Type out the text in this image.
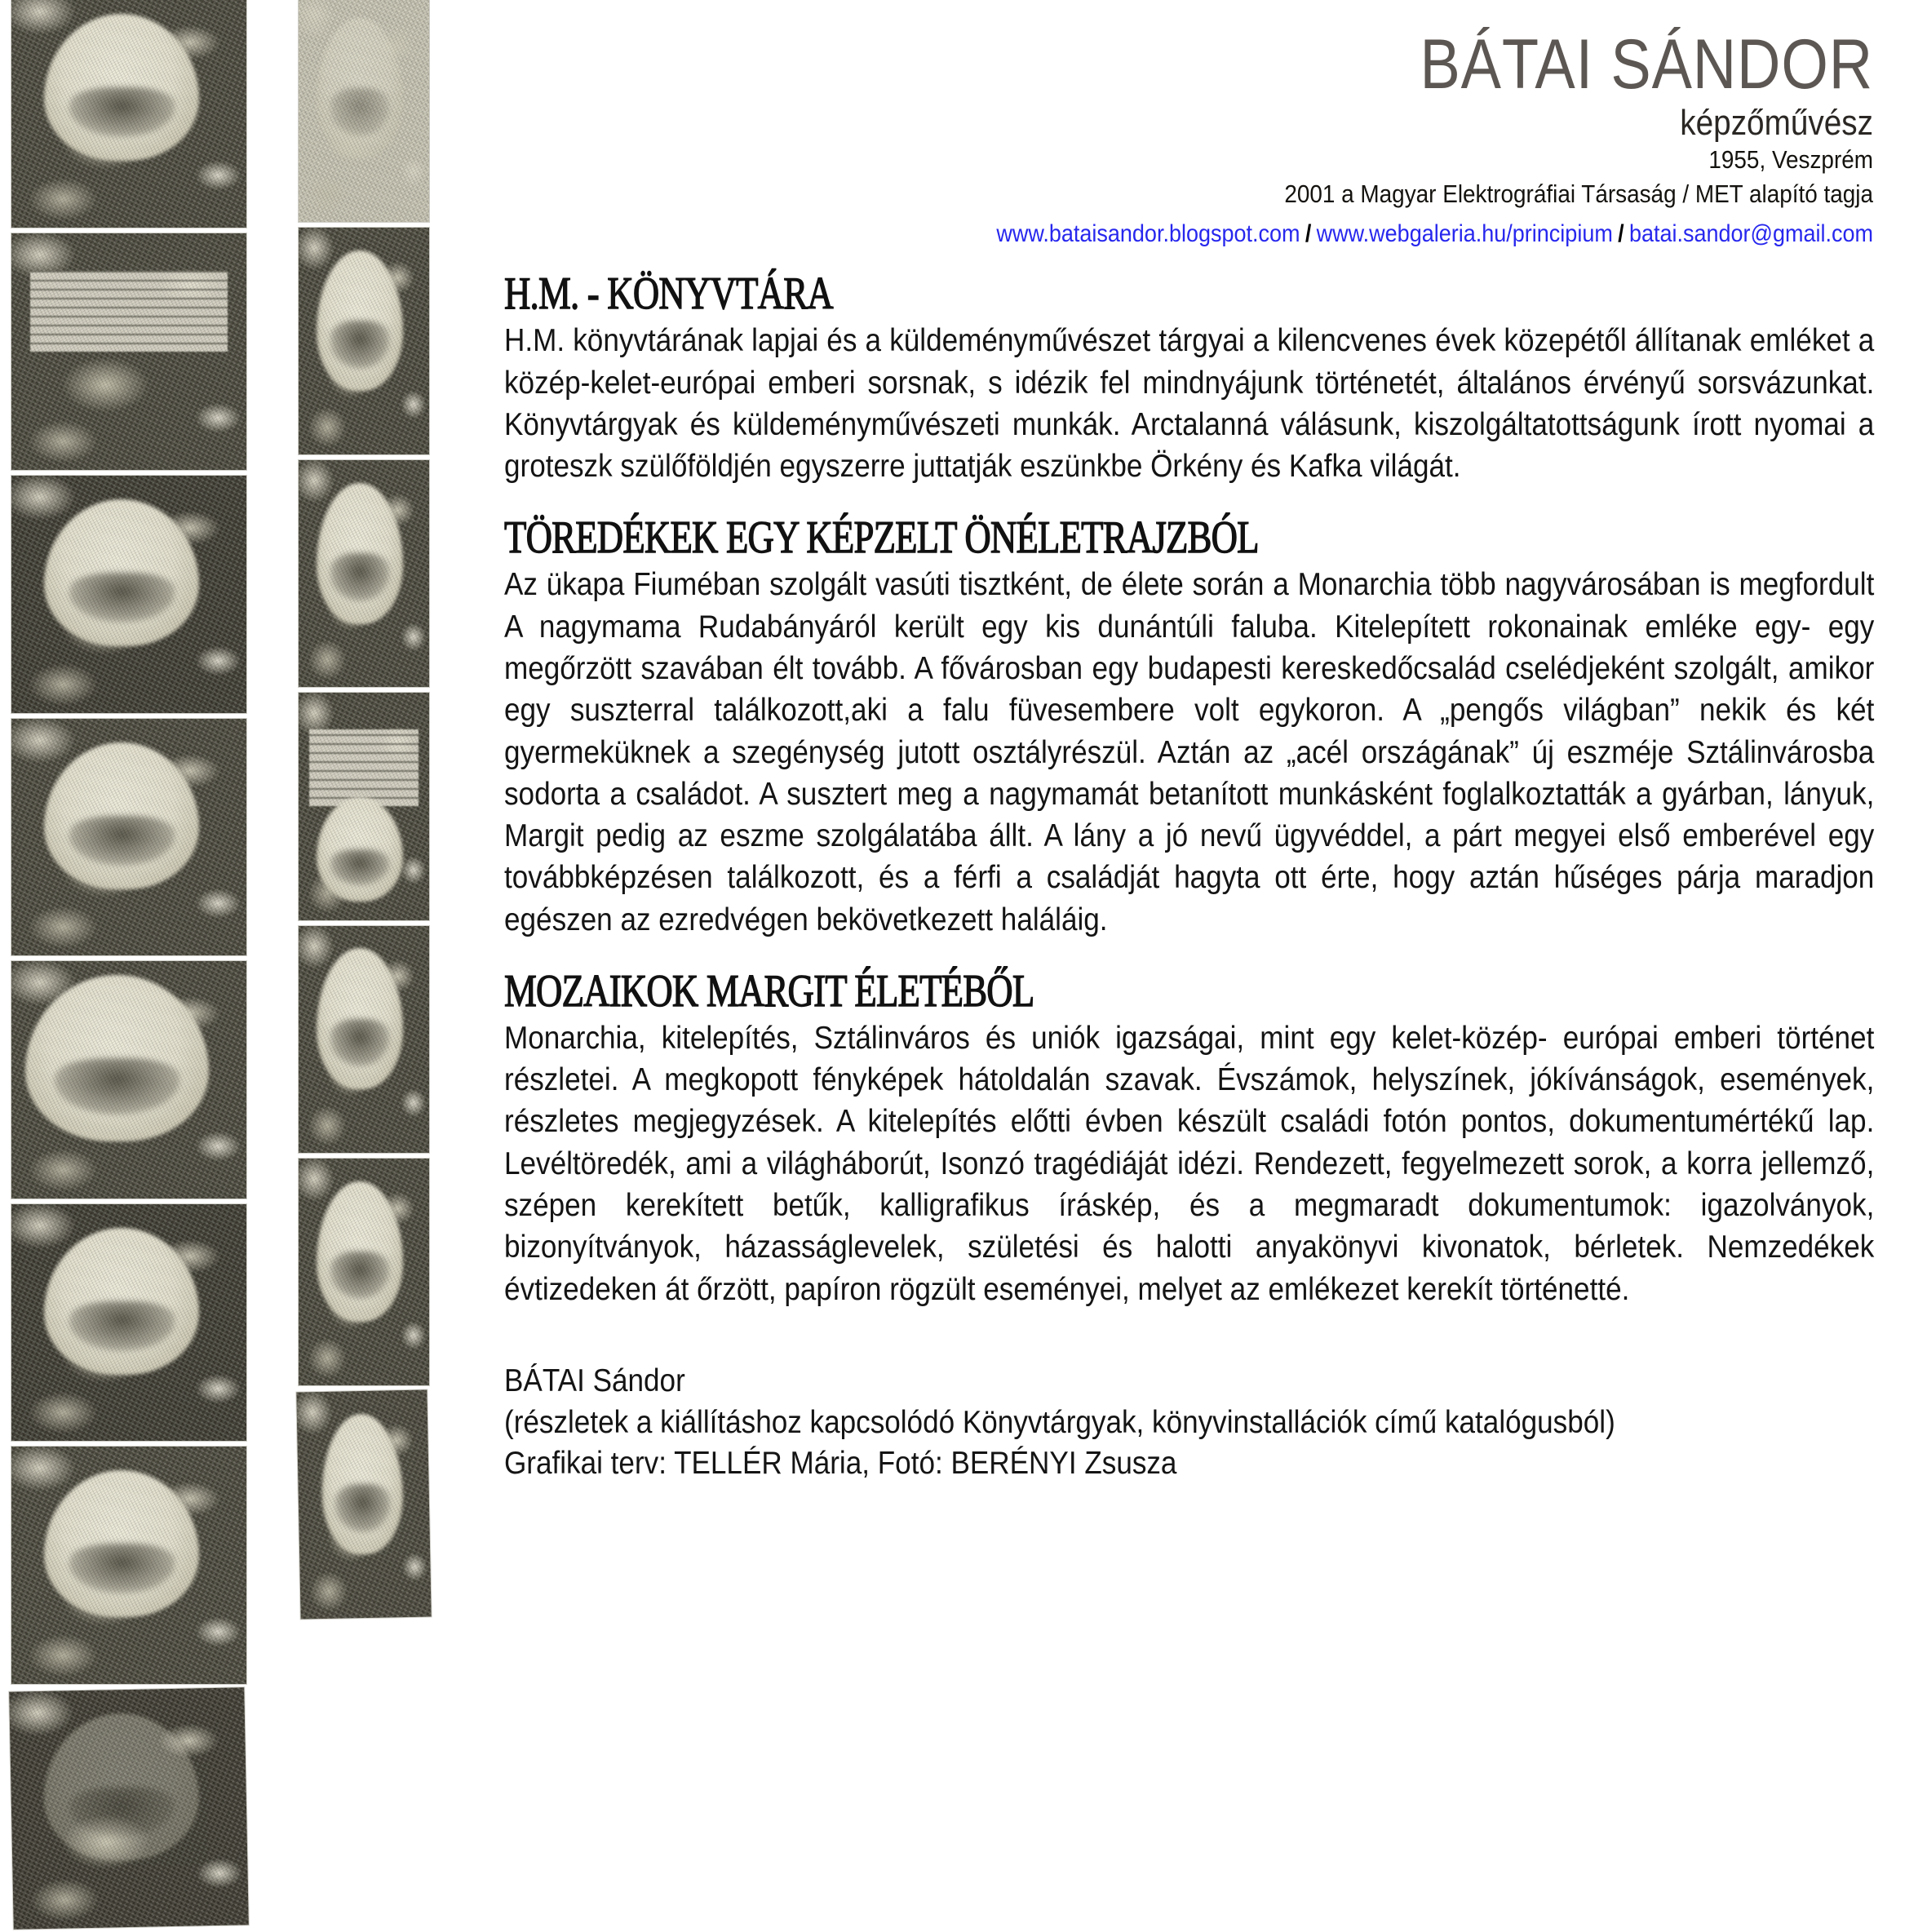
BÁTAI SÁNDOR
képzőművész
1955, Veszprém
2001 a Magyar Elektrográfiai Társaság / MET alapító tagja
www.bataisandor.blogspot.com / www.webgaleria.hu/principium / batai.sandor@gmail.com
H.M. - KÖNYVTÁRA
H.M. könyvtárának lapjai és a küldeményművészet tárgyai a kilencvenes évek közepétől állítanak emléket a közép-kelet-európai emberi sorsnak, s idézik fel mindnyájunk történetét, általános érvényű sorsvázunkat. Könyvtárgyak és küldeményművészeti munkák. Arctalanná válásunk, kiszolgáltatottságunk írott nyomai a groteszk szülőföldjén egyszerre juttatják eszünkbe Örkény és Kafka világát.
TÖREDÉKEK EGY KÉPZELT ÖNÉLETRAJZBÓL
Az ükapa Fiuméban szolgált vasúti tisztként, de élete során a Monarchia több nagyvárosában is megfordult A nagymama Rudabányáról került egy kis dunántúli faluba. Kitelepített rokonainak emléke egy- egy megőrzött szavában élt tovább. A fővárosban egy budapesti kereskedőcsalád cselédjeként szolgált, amikor egy suszterral találkozott,aki a falu füvesembere volt egykoron. A „pengős világban” nekik és két gyermeküknek a szegénység jutott osztályrészül. Aztán az „acél országának” új eszméje Sztálinvárosba sodorta a családot. A susztert meg a nagymamát betanított munkásként foglalkoztatták a gyárban, lányuk, Margit pedig az eszme szolgálatába állt. A lány a jó nevű ügyvéddel, a párt megyei első emberével egy továbbképzésen találkozott, és a férfi a családját hagyta ott érte, hogy aztán hűséges párja maradjon egészen az ezredvégen bekövetkezett haláláig.
MOZAIKOK MARGIT ÉLETÉBŐL
Monarchia, kitelepítés, Sztálinváros és uniók igazságai, mint egy kelet-közép- európai emberi történet részletei. A megkopott fényképek hátoldalán szavak. Évszámok, helyszínek, jókívánságok, események, részletes megjegyzések. A kitelepítés előtti évben készült családi fotón pontos, dokumentumértékű lap. Levéltöredék, ami a világháborút, Isonzó tragédiáját idézi. Rendezett, fegyelmezett sorok, a korra jellemző, szépen kerekített betűk, kalligrafikus íráskép, és a megmaradt dokumentumok: igazolványok, bizonyítványok, házasságlevelek, születési és halotti anyakönyvi kivonatok, bérletek. Nemzedékek évtizedeken át őrzött, papíron rögzült eseményei, melyet az emlékezet kerekít történetté.
BÁTAI Sándor
(részletek a kiállításhoz kapcsolódó Könyvtárgyak, könyvinstallációk című katalógusból)
Grafikai terv: TELLÉR Mária, Fotó: BERÉNYI Zsusza
